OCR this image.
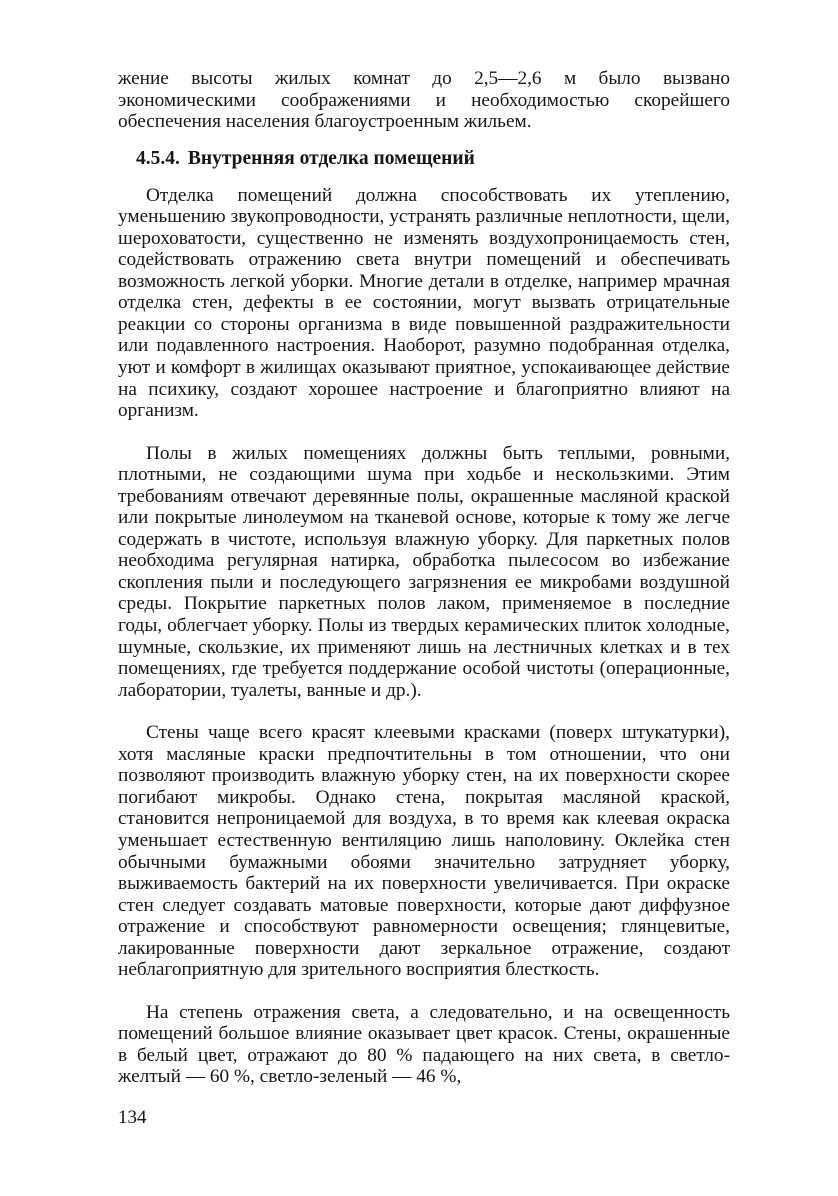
жение высоты жилых комнат до 2,5—2,6 м было вызвано экономическими соображениями и необходимостью скорейшего обеспечения населения благоустроенным жильем.

4.5.4. Внутренняя отделка помещений

Отделка помещений должна способствовать их утеплению, уменьшению звукопроводности, устранять различные неплотности, щели, шероховатости, существенно не изменять воздухопроницаемость стен, содействовать отражению света внутри помещений и обеспечивать возможность легкой уборки. Многие детали в отделке, например мрачная отделка стен, дефекты в ее состоянии, могут вызвать отрицательные реакции со стороны организма в виде повышенной раздражительности или подавленного настроения. Наоборот, разумно подобранная отделка, уют и комфорт в жилищах оказывают приятное, успокаивающее действие на психику, создают хорошее настроение и благоприятно влияют на организм.

Полы в жилых помещениях должны быть теплыми, ровными, плотными, не создающими шума при ходьбе и нескользкими. Этим требованиям отвечают деревянные полы, окрашенные масляной краской или покрытые линолеумом на тканевой основе, которые к тому же легче содержать в чистоте, используя влажную уборку. Для паркетных полов необходима регулярная натирка, обработка пылесосом во избежание скопления пыли и последующего загрязнения ее микробами воздушной среды. Покрытие паркетных полов лаком, применяемое в последние годы, облегчает уборку. Полы из твердых керамических плиток холодные, шумные, скользкие, их применяют лишь на лестничных клетках и в тех помещениях, где требуется поддержание особой чистоты (операционные, лаборатории, туалеты, ванные и др.).

Стены чаще всего красят клеевыми красками (поверх штукатурки), хотя масляные краски предпочтительны в том отношении, что они позволяют производить влажную уборку стен, на их поверхности скорее погибают микробы. Однако стена, покрытая масляной краской, становится непроницаемой для воздуха, в то время как клеевая окраска уменьшает естественную вентиляцию лишь наполовину. Оклейка стен обычными бумажными обоями значительно затрудняет уборку, выживаемость бактерий на их поверхности увеличивается. При окраске стен следует создавать матовые поверхности, которые дают диффузное отражение и способствуют равномерности освещения; глянцевитые, лакированные поверхности дают зеркальное отражение, создают неблагоприятную для зрительного восприятия блесткость.

На степень отражения света, а следовательно, и на освещенность помещений большое влияние оказывает цвет красок. Стены, окрашенные в белый цвет, отражают до 80 % падающего на них света, в светло-желтый — 60 %, светло-зеленый — 46 %,

134
